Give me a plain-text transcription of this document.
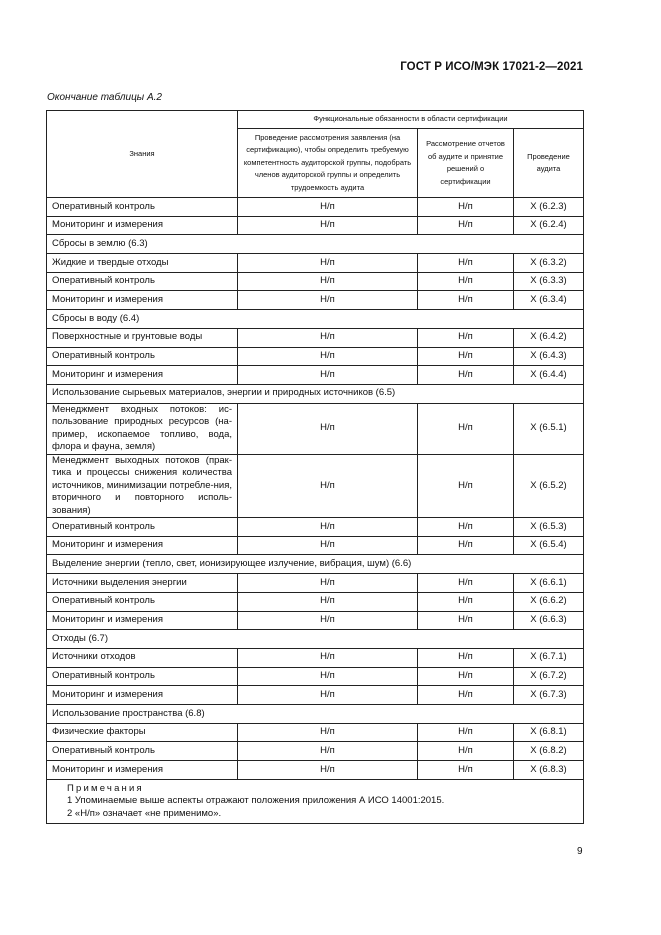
ГОСТ Р ИСО/МЭК 17021-2—2021
Окончание таблицы А.2
Знания	Функциональные обязанности в области сертификации		
	Проведение рассмотрения заявления (на сертификацию), чтобы определить требуемую компетентность аудиторской группы, подобрать членов аудиторской группы и определить трудоемкость аудита	Рассмотрение отчетов об аудите и принятие решений о сертификации	Проведение аудита
Оперативный контроль	Н/п	Н/п	X (6.2.3)
Мониторинг и измерения	Н/п	Н/п	X (6.2.4)
Сбросы в землю (6.3)			
Жидкие и твердые отходы	Н/п	Н/п	X (6.3.2)
Оперативный контроль	Н/п	Н/п	X (6.3.3)
Мониторинг и измерения	Н/п	Н/п	X (6.3.4)
Сбросы в воду (6.4)			
Поверхностные и грунтовые воды	Н/п	Н/п	X (6.4.2)
Оперативный контроль	Н/п	Н/п	X (6.4.3)
Мониторинг и измерения	Н/п	Н/п	X (6.4.4)
Использование сырьевых материалов, энергии и природных источников (6.5)			
Менеджмент входных потоков: ис-пользование природных ресурсов (на-пример, ископаемое топливо, вода, флора и фауна, земля)	Н/п	Н/п	X (6.5.1)
Менеджмент выходных потоков (прак-тика и процессы снижения количества источников, минимизации потребле-ния, вторичного и повторного исполь-зования)	Н/п	Н/п	X (6.5.2)
Оперативный контроль	Н/п	Н/п	X (6.5.3)
Мониторинг и измерения	Н/п	Н/п	X (6.5.4)
Выделение энергии (тепло, свет, ионизирующее излучение, вибрация, шум) (6.6)			
Источники выделения энергии	Н/п	Н/п	X (6.6.1)
Оперативный контроль	Н/п	Н/п	X (6.6.2)
Мониторинг и измерения	Н/п	Н/п	X (6.6.3)
Отходы (6.7)			
Источники отходов	Н/п	Н/п	X (6.7.1)
Оперативный контроль	Н/п	Н/п	X (6.7.2)
Мониторинг и измерения	Н/п	Н/п	X (6.7.3)
Использование пространства (6.8)			
Физические факторы	Н/п	Н/п	X (6.8.1)
Оперативный контроль	Н/п	Н/п	X (6.8.2)
Мониторинг и измерения	Н/п	Н/п	X (6.8.3)

Примечания
1 Упоминаемые выше аспекты отражают положения приложения А ИСО 14001:2015.
2 «Н/п» означает «не применимо».			
9
